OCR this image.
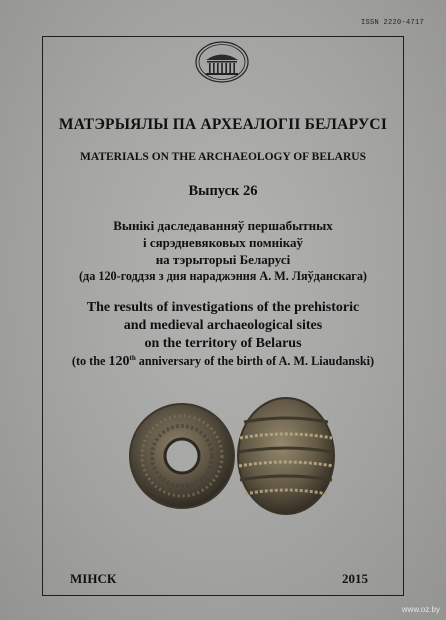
ISSN 2220-4717
МАТЭРЫЯЛЫ ПА АРХЕАЛОГІІ БЕЛАРУСІ
MATERIALS ON THE ARCHAEOLOGY OF BELARUS
Выпуск 26
Вынікі даследаванняў першабытных
і сярэдневяковых помнікаў
на тэрыторыі Беларусі
(да 120-годдзя з дня нараджэння А. М. Ляўданскага)
The results of investigations of the prehistoric
and medieval archaeological sites
on the territory of Belarus
(to the 120th anniversary of the birth of A. M. Liaudanski)
МІНСК	2015
www.oz.by
